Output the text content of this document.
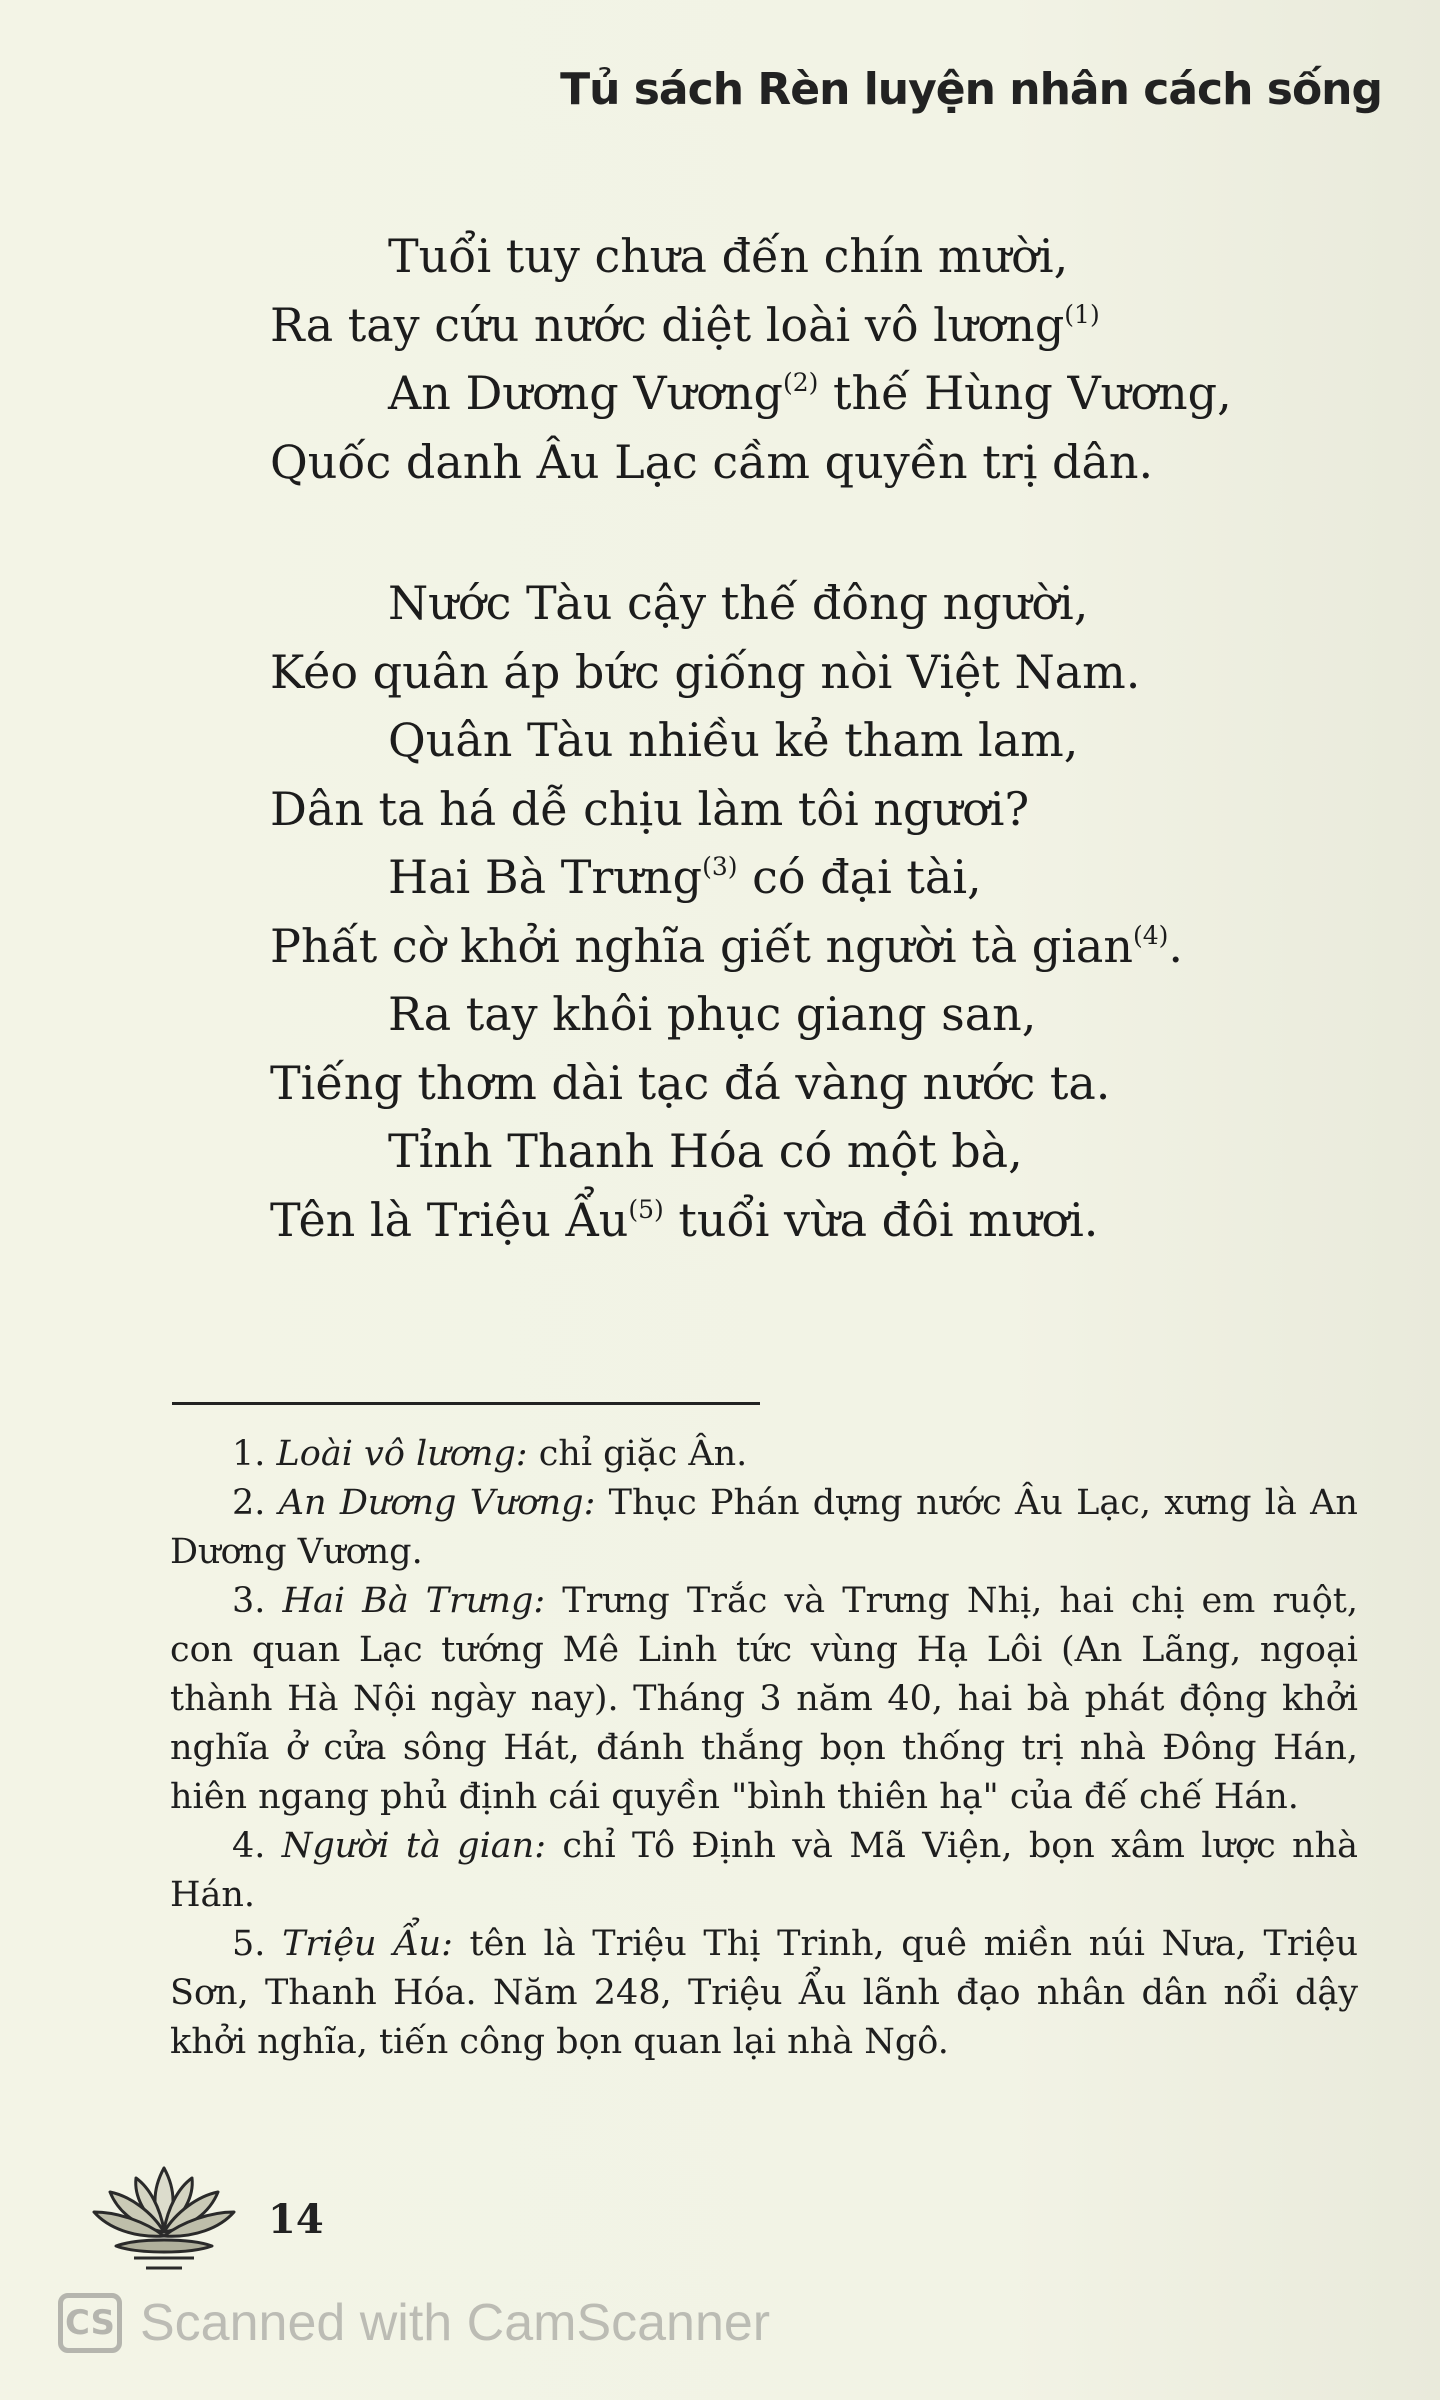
Tủ sách Rèn luyện nhân cách sống
Tuổi tuy chưa đến chín mười,
Ra tay cứu nước diệt loài vô lương$^{(1)}$
An Dương Vương$^{(2)}$ thế Hùng Vương,
Quốc danh Âu Lạc cầm quyền trị dân.
Nước Tàu cậy thế đông người,
Kéo quân áp bức giống nòi Việt Nam.
Quân Tàu nhiều kẻ tham lam,
Dân ta há dễ chịu làm tôi ngươi?
Hai Bà Trưng$^{(3)}$ có đại tài,
Phất cờ khởi nghĩa giết người tà gian$^{(4)}$.
Ra tay khôi phục giang san,
Tiếng thơm dài tạc đá vàng nước ta.
Tỉnh Thanh Hóa có một bà,
Tên là Triệu Ẩu$^{(5)}$ tuổi vừa đôi mươi.
1. Loài vô lương: chỉ giặc Ân.
2. An Dương Vương: Thục Phán dựng nước Âu Lạc, xưng là An Dương Vương.
3. Hai Bà Trưng: Trưng Trắc và Trưng Nhị, hai chị em ruột, con quan Lạc tướng Mê Linh tức vùng Hạ Lôi (An Lãng, ngoại thành Hà Nội ngày nay). Tháng 3 năm 40, hai bà phát động khởi nghĩa ở cửa sông Hát, đánh thắng bọn thống trị nhà Đông Hán, hiên ngang phủ định cái quyền "bình thiên hạ" của đế chế Hán.
4. Người tà gian: chỉ Tô Định và Mã Viện, bọn xâm lược nhà Hán.
5. Triệu Ẩu: tên là Triệu Thị Trinh, quê miền núi Nưa, Triệu Sơn, Thanh Hóa. Năm 248, Triệu Ẩu lãnh đạo nhân dân nổi dậy khởi nghĩa, tiến công bọn quan lại nhà Ngô.
14
CS Scanned with CamScanner
